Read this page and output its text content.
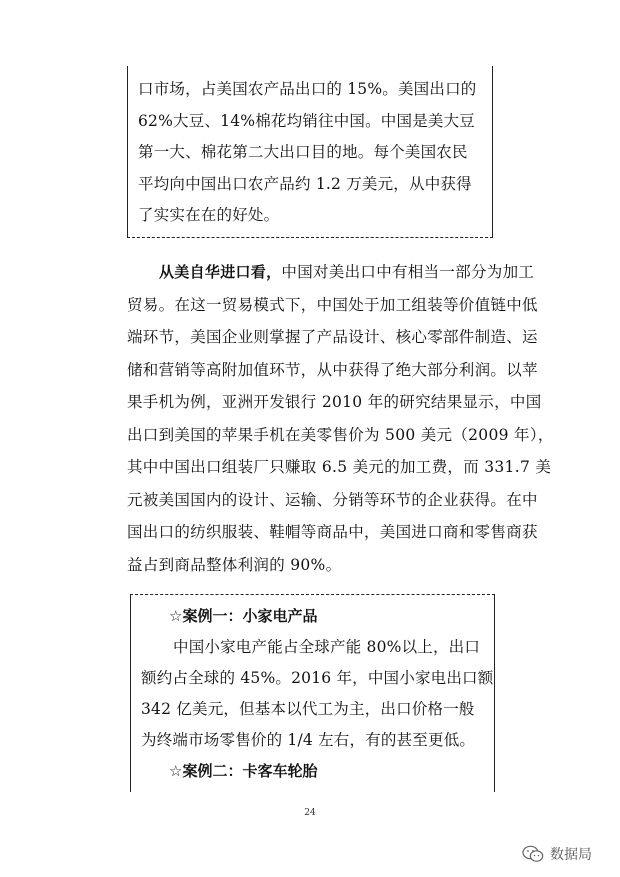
口市场，占美国农产品出口的 15%。美国出口的
62%大豆、14%棉花均销往中国。中国是美大豆
第一大、棉花第二大出口目的地。每个美国农民
平均向中国出口农产品约 1.2 万美元，从中获得
了实实在在的好处。
从美自华进口看，中国对美出口中有相当一部分为加工
贸易。在这一贸易模式下，中国处于加工组装等价值链中低
端环节，美国企业则掌握了产品设计、核心零部件制造、运
储和营销等高附加值环节，从中获得了绝大部分利润。以苹
果手机为例，亚洲开发银行 2010 年的研究结果显示，中国
出口到美国的苹果手机在美零售价为 500 美元（2009 年），
其中中国出口组装厂只赚取 6.5 美元的加工费，而 331.7 美
元被美国国内的设计、运输、分销等环节的企业获得。在中
国出口的纺织服装、鞋帽等商品中，美国进口商和零售商获
益占到商品整体利润的 90%。
☆案例一：小家电产品
中国小家电产能占全球产能 80%以上，出口
额约占全球的 45%。2016 年，中国小家电出口额
342 亿美元，但基本以代工为主，出口价格一般
为终端市场零售价的 1/4 左右，有的甚至更低。
☆案例二：卡客车轮胎
24
数据局
